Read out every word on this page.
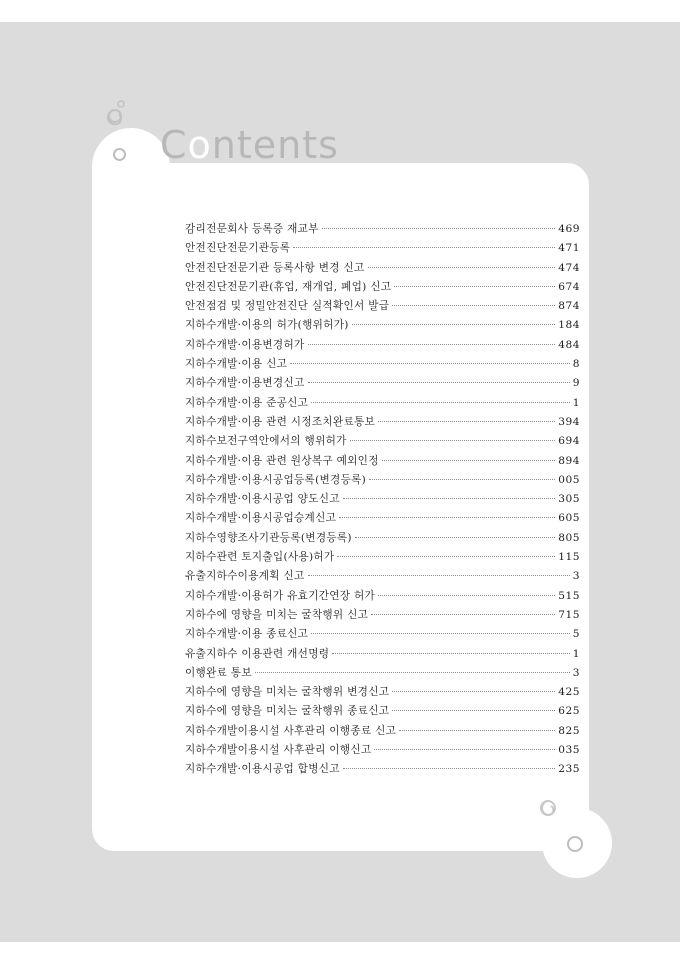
Contents
감리전문회사 등록증 재교부	469
안전진단전문기관등록	471
안전진단전문기관 등록사항 변경 신고	474
안전진단전문기관(휴업, 재개업, 폐업) 신고	674
안전점검 및 정밀안전진단 실적확인서 발급	874
지하수개발·이용의 허가(행위허가)	184
지하수개발·이용변경허가	484
지하수개발·이용 신고	8
지하수개발·이용변경신고	9
지하수개발·이용 준공신고	1
지하수개발·이용 관련 시정조치완료통보	394
지하수보전구역안에서의 행위허가	694
지하수개발·이용 관련 원상복구 예외인정	894
지하수개발·이용시공업등록(변경등록)	005
지하수개발·이용시공업 양도신고	305
지하수개발·이용시공업승계신고	605
지하수영향조사기관등록(변경등록)	805
지하수관련 토지출입(사용)허가	115
유출지하수이용계획 신고	3
지하수개발·이용허가 유효기간연장 허가	515
지하수에 영향을 미치는 굴착행위 신고	715
지하수개발·이용 종료신고	5
유출지하수 이용관련 개선명령	1
이행완료 통보	3
지하수에 영향을 미치는 굴착행위 변경신고	425
지하수에 영향을 미치는 굴착행위 종료신고	625
지하수개발이용시설 사후관리 이행종료 신고	825
지하수개발이용시설 사후관리 이행신고	035
지하수개발·이용시공업 합병신고	235
